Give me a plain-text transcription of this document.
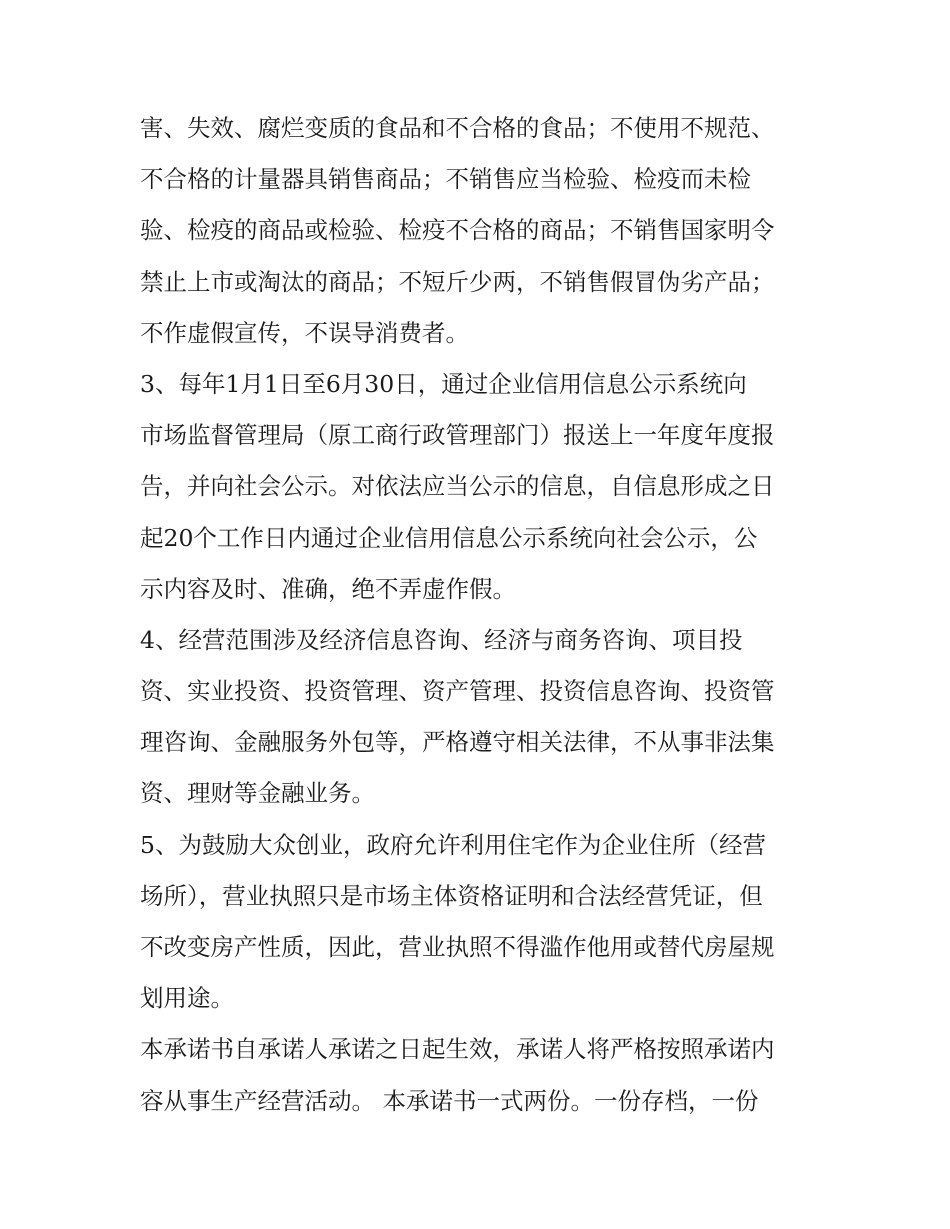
害、失效、腐烂变质的食品和不合格的食品；不使用不规范、
不合格的计量器具销售商品；不销售应当检验、检疫而未检
验、检疫的商品或检验、检疫不合格的商品；不销售国家明令
禁止上市或淘汰的商品；不短斤少两，不销售假冒伪劣产品；
不作虚假宣传，不误导消费者。
3、每年1月1日至6月30日，通过企业信用信息公示系统向
市场监督管理局（原工商行政管理部门）报送上一年度年度报
告，并向社会公示。对依法应当公示的信息，自信息形成之日
起20个工作日内通过企业信用信息公示系统向社会公示，公
示内容及时、准确，绝不弄虚作假。
4、经营范围涉及经济信息咨询、经济与商务咨询、项目投
资、实业投资、投资管理、资产管理、投资信息咨询、投资管
理咨询、金融服务外包等，严格遵守相关法律，不从事非法集
资、理财等金融业务。
5、为鼓励大众创业，政府允许利用住宅作为企业住所（经营
场所），营业执照只是市场主体资格证明和合法经营凭证，但
不改变房产性质，因此，营业执照不得滥作他用或替代房屋规
划用途。
本承诺书自承诺人承诺之日起生效，承诺人将严格按照承诺内
容从事生产经营活动。 本承诺书一式两份。一份存档，一份
